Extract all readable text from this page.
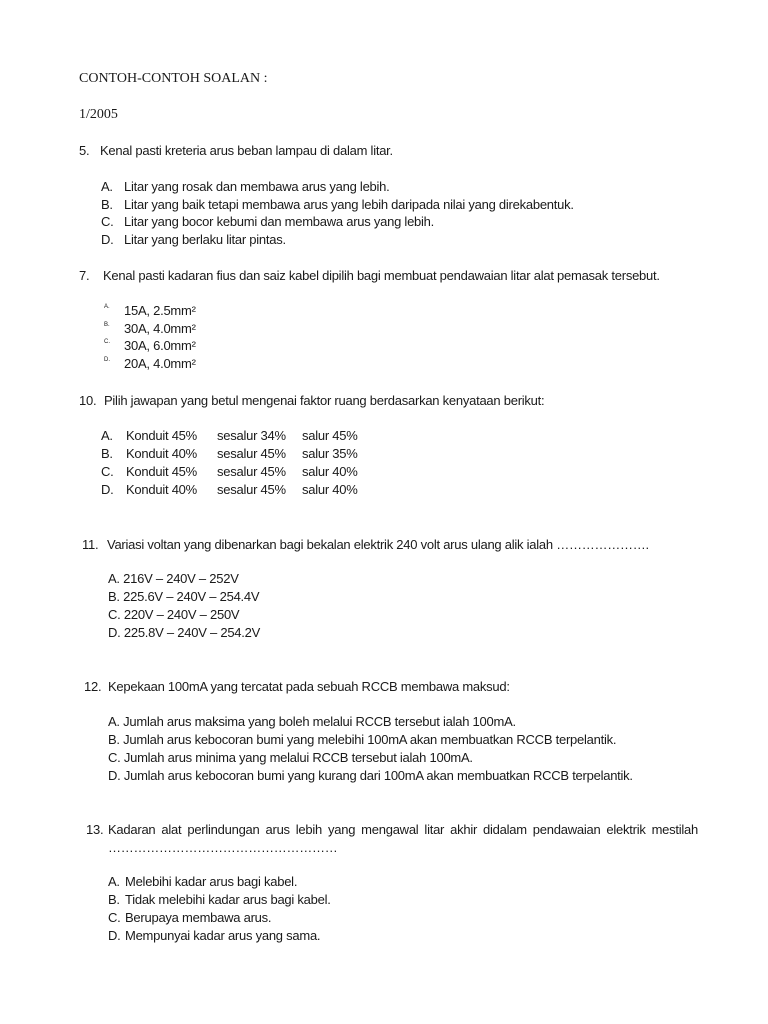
CONTOH-CONTOH SOALAN :
1/2005
5. Kenal pasti kreteria arus beban lampau di dalam litar.
A. Litar yang rosak dan membawa arus yang lebih.
B. Litar yang baik tetapi membawa arus yang lebih daripada nilai yang direkabentuk.
C. Litar yang bocor kebumi dan membawa arus yang lebih.
D. Litar yang berlaku litar pintas.
7. Kenal pasti kadaran fius dan saiz kabel dipilih bagi membuat pendawaian litar alat pemasak tersebut.
A. 15A, 2.5mm²
B. 30A, 4.0mm²
C. 30A, 6.0mm²
D. 20A, 4.0mm²
10. Pilih jawapan yang betul mengenai faktor ruang berdasarkan kenyataan berikut:
A. Konduit 45% sesalur 34% salur 45%
B. Konduit 40% sesalur 45% salur 35%
C. Konduit 45% sesalur 45% salur 40%
D. Konduit 40% sesalur 45% salur 40%
11. Variasi voltan yang dibenarkan bagi bekalan elektrik 240 volt arus ulang alik ialah ………………….
A. 216V – 240V – 252V
B. 225.6V – 240V – 254.4V
C. 220V – 240V – 250V
D. 225.8V – 240V – 254.2V
12. Kepekaan 100mA yang tercatat pada sebuah RCCB membawa maksud:
A. Jumlah arus maksima yang boleh melalui RCCB tersebut ialah 100mA.
B. Jumlah arus kebocoran bumi yang melebihi 100mA akan membuatkan RCCB terpelantik.
C. Jumlah arus minima yang melalui RCCB tersebut ialah 100mA.
D. Jumlah arus kebocoran bumi yang kurang dari 100mA akan membuatkan RCCB terpelantik.
13. Kadaran alat perlindungan arus lebih yang mengawal litar akhir didalam pendawaian elektrik mestilah
………………………………………………
A. Melebihi kadar arus bagi kabel.
B. Tidak melebihi kadar arus bagi kabel.
C. Berupaya membawa arus.
D. Mempunyai kadar arus yang sama.
